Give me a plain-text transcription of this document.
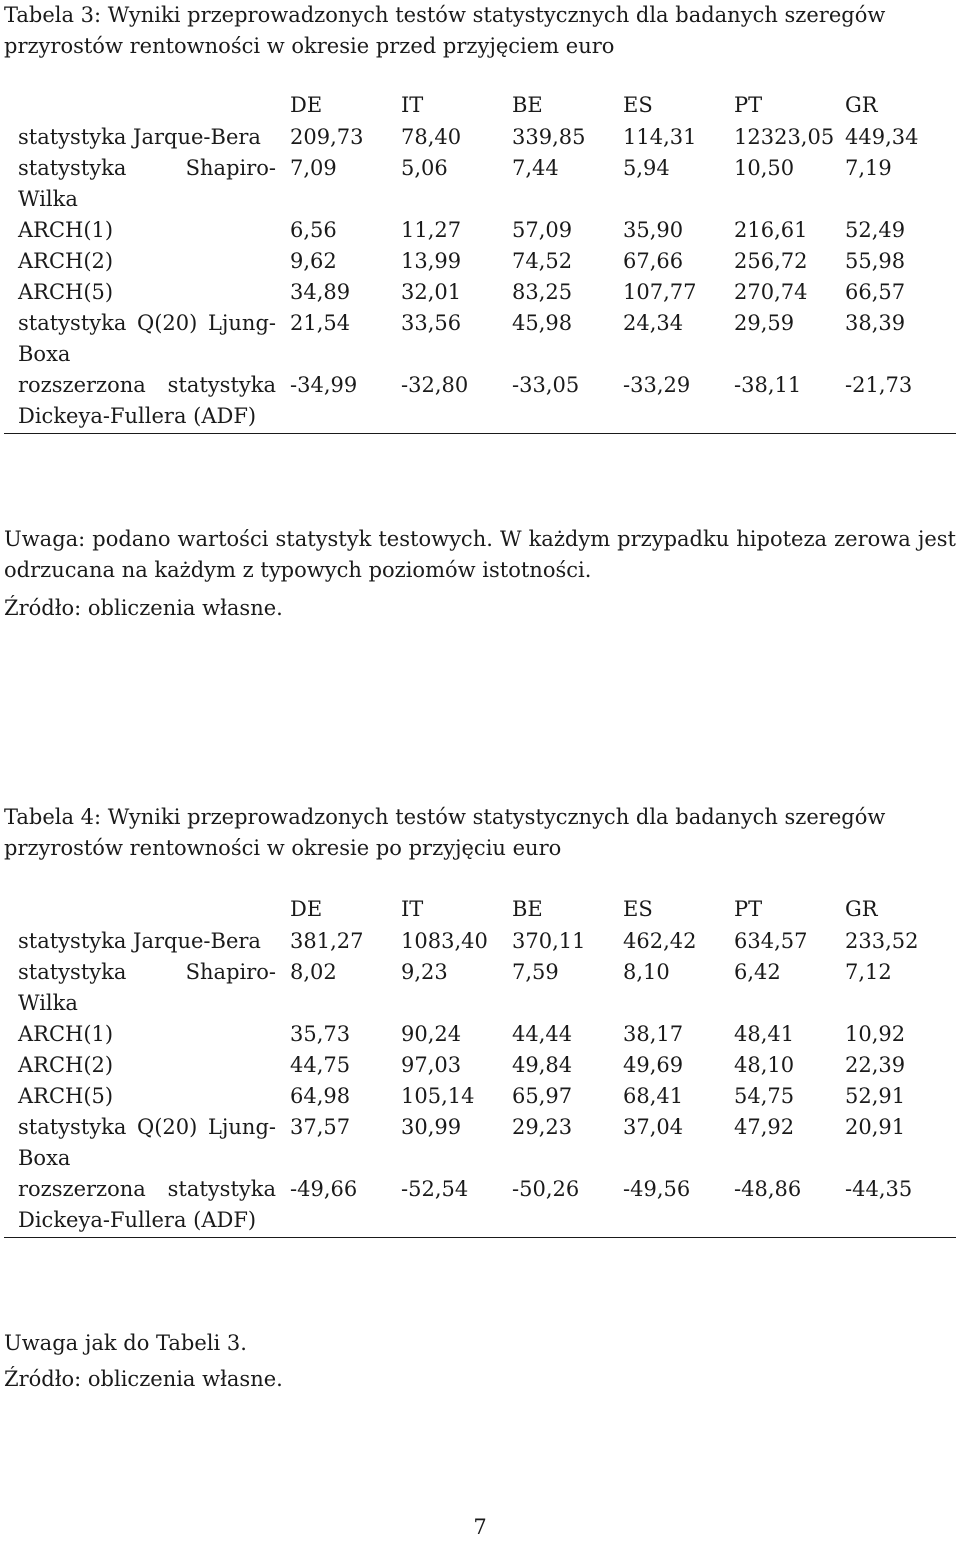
Tabela 3: Wyniki przeprowadzonych testów statystycznych dla badanych szeregów przyrostów rentowności w okresie przed przyjęciem euro

	DE	IT	BE	ES	PT	GR
statystyka Jarque-Bera	209,73	78,40	339,85	114,31	12323,05	449,34
statystyka Shapiro-Wilka	7,09	5,06	7,44	5,94	10,50	7,19
ARCH(1)	6,56	11,27	57,09	35,90	216,61	52,49
ARCH(2)	9,62	13,99	74,52	67,66	256,72	55,98
ARCH(5)	34,89	32,01	83,25	107,77	270,74	66,57
statystyka Q(20) Ljung-Boxa	21,54	33,56	45,98	24,34	29,59	38,39
rozszerzona statystyka Dickeya-Fullera (ADF)	-34,99	-32,80	-33,05	-33,29	-38,11	-21,73

Uwaga: podano wartości statystyk testowych. W każdym przypadku hipoteza zerowa jest odrzucana na każdym z typowych poziomów istotności.

Źródło: obliczenia własne.

Tabela 4: Wyniki przeprowadzonych testów statystycznych dla badanych szeregów przyrostów rentowności w okresie po przyjęciu euro

	DE	IT	BE	ES	PT	GR
statystyka Jarque-Bera	381,27	1083,40	370,11	462,42	634,57	233,52
statystyka Shapiro-Wilka	8,02	9,23	7,59	8,10	6,42	7,12
ARCH(1)	35,73	90,24	44,44	38,17	48,41	10,92
ARCH(2)	44,75	97,03	49,84	49,69	48,10	22,39
ARCH(5)	64,98	105,14	65,97	68,41	54,75	52,91
statystyka Q(20) Ljung-Boxa	37,57	30,99	29,23	37,04	47,92	20,91
rozszerzona statystyka Dickeya-Fullera (ADF)	-49,66	-52,54	-50,26	-49,56	-48,86	-44,35

Uwaga jak do Tabeli 3.

Źródło: obliczenia własne.

7
